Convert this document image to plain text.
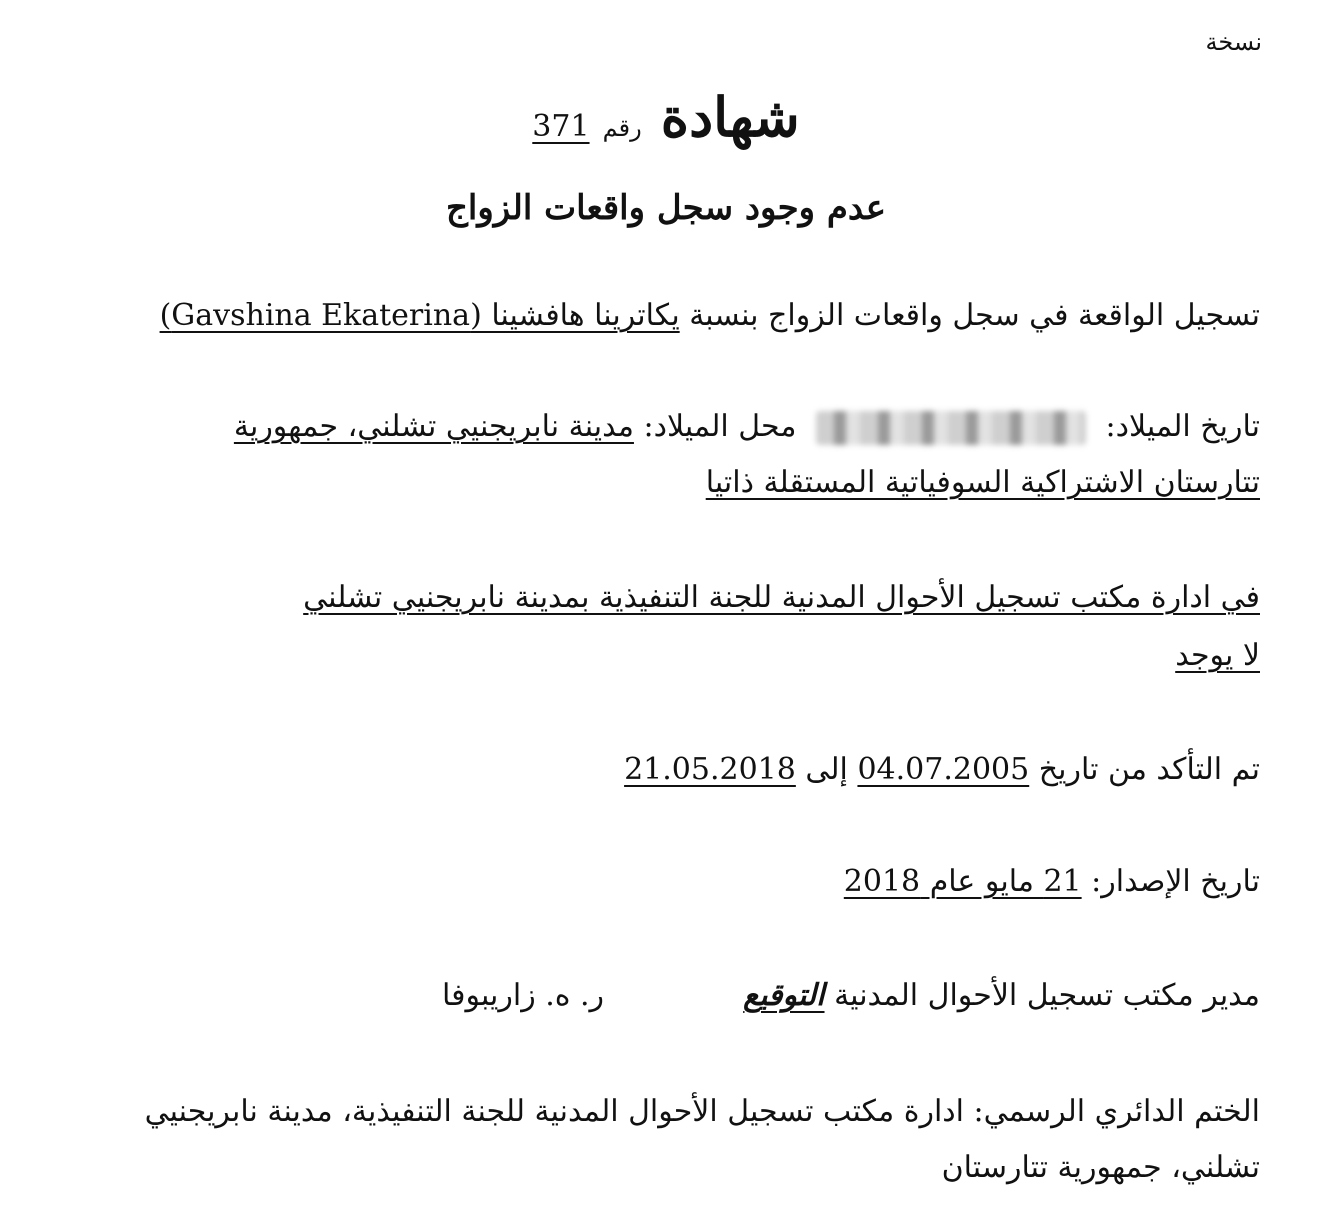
نسخة
شهادة رقم 371
عدم وجود سجل واقعات الزواج
تسجيل الواقعة في سجل واقعات الزواج بنسبة يكاترينا هافشينا (Gavshina Ekaterina)
تاريخ الميلاد:  محل الميلاد: مدينة نابريجنيي تشلني، جمهورية
تتارستان الاشتراكية السوفياتية المستقلة ذاتيا
في ادارة مكتب تسجيل الأحوال المدنية للجنة التنفيذية بمدينة نابريجنيي تشلني
لا يوجد
تم التأكد من تاريخ 04.07.2005 إلى 21.05.2018
تاريخ الإصدار: 21 مايو عام 2018
مدير مكتب تسجيل الأحوال المدنية التوقيع  ر. ه. زاريبوفا
الختم الدائري الرسمي: ادارة مكتب تسجيل الأحوال المدنية للجنة التنفيذية، مدينة نابريجنيي
تشلني، جمهورية تتارستان
